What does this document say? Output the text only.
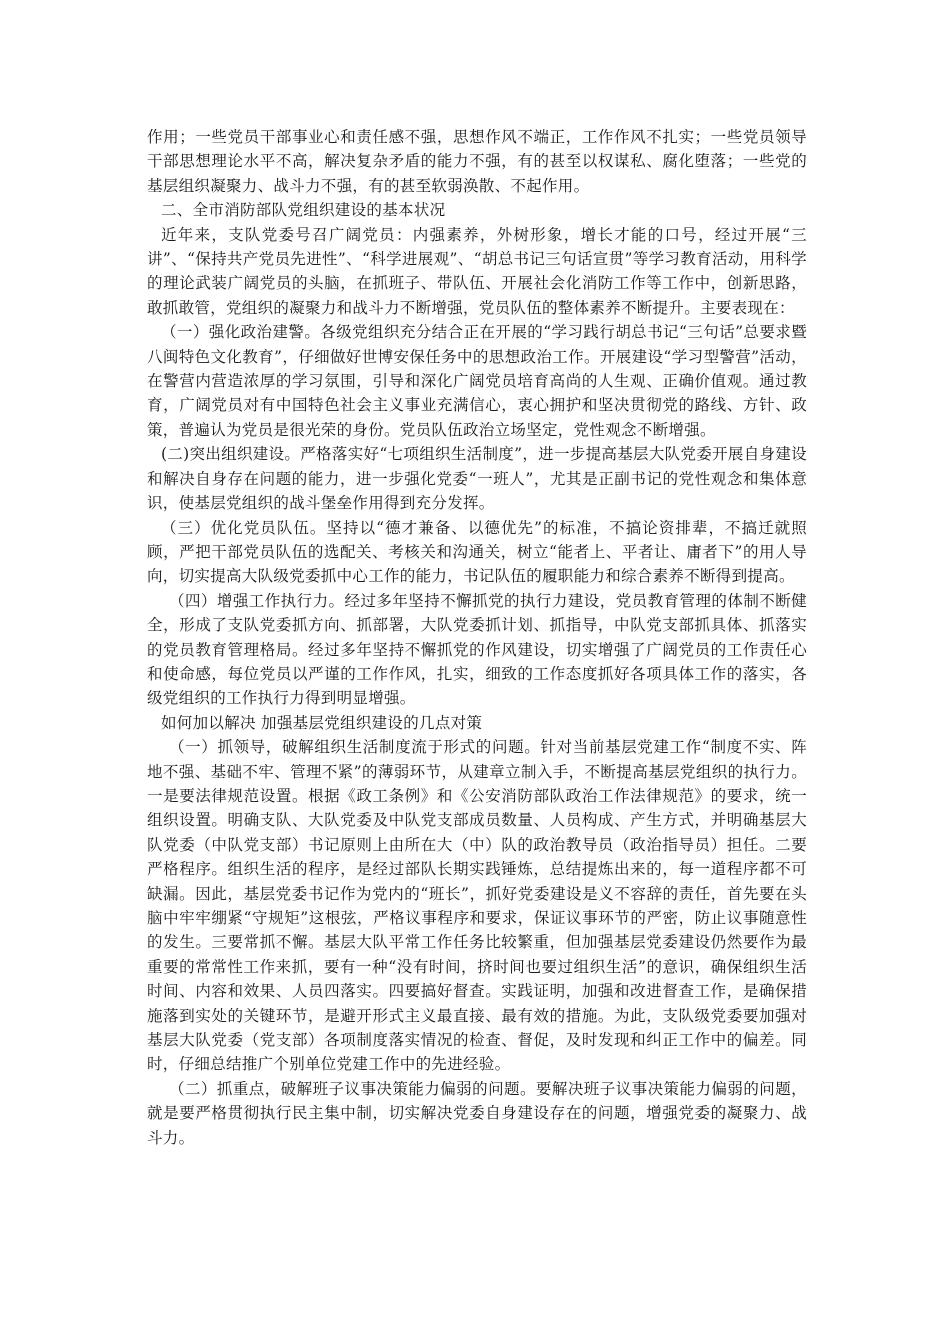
作用；一些党员干部事业心和责任感不强，思想作风不端正，工作作风不扎实；一些党员领导干部思想理论水平不高，解决复杂矛盾的能力不强，有的甚至以权谋私、腐化堕落；一些党的基层组织凝聚力、战斗力不强，有的甚至软弱涣散、不起作用。

二、全市消防部队党组织建设的基本状况

近年来，支队党委号召广阔党员：内强素养，外树形象，增长才能的口号，经过开展“三讲”、“保持共产党员先进性”、“科学进展观”、“胡总书记三句话宣贯”等学习教育活动，用科学的理论武装广阔党员的头脑，在抓班子、带队伍、开展社会化消防工作等工作中，创新思路，敢抓敢管，党组织的凝聚力和战斗力不断增强，党员队伍的整体素养不断提升。主要表现在：

（一）强化政治建警。各级党组织充分结合正在开展的“学习践行胡总书记“三句话”总要求暨八闽特色文化教育”，仔细做好世博安保任务中的思想政治工作。开展建设“学习型警营”活动，在警营内营造浓厚的学习氛围，引导和深化广阔党员培育高尚的人生观、正确价值观。通过教育，广阔党员对有中国特色社会主义事业充满信心，衷心拥护和坚决贯彻党的路线、方针、政策，普遍认为党员是很光荣的身份。党员队伍政治立场坚定，党性观念不断增强。

(二)突出组织建设。严格落实好“七项组织生活制度”，进一步提高基层大队党委开展自身建设和解决自身存在问题的能力，进一步强化党委“一班人”，尤其是正副书记的党性观念和集体意识，使基层党组织的战斗堡垒作用得到充分发挥。

（三）优化党员队伍。坚持以“德才兼备、以德优先”的标准，不搞论资排辈，不搞迁就照顾，严把干部党员队伍的选配关、考核关和沟通关，树立“能者上、平者让、庸者下”的用人导向，切实提高大队级党委抓中心工作的能力，书记队伍的履职能力和综合素养不断得到提高。

（四）增强工作执行力。经过多年坚持不懈抓党的执行力建设，党员教育管理的体制不断健全，形成了支队党委抓方向、抓部署，大队党委抓计划、抓指导，中队党支部抓具体、抓落实的党员教育管理格局。经过多年坚持不懈抓党的作风建设，切实增强了广阔党员的工作责任心和使命感，每位党员以严谨的工作作风，扎实，细致的工作态度抓好各项具体工作的落实，各级党组织的工作执行力得到明显增强。

如何加以解决 加强基层党组织建设的几点对策

（一）抓领导，破解组织生活制度流于形式的问题。针对当前基层党建工作“制度不实、阵地不强、基础不牢、管理不紧”的薄弱环节，从建章立制入手，不断提高基层党组织的执行力。一是要法律规范设置。根据《政工条例》和《公安消防部队政治工作法律规范》的要求，统一组织设置。明确支队、大队党委及中队党支部成员数量、人员构成、产生方式，并明确基层大队党委（中队党支部）书记原则上由所在大（中）队的政治教导员（政治指导员）担任。二要严格程序。组织生活的程序，是经过部队长期实践锤炼，总结提炼出来的，每一道程序都不可缺漏。因此，基层党委书记作为党内的“班长”，抓好党委建设是义不容辞的责任，首先要在头脑中牢牢绷紧“守规矩”这根弦，严格议事程序和要求，保证议事环节的严密，防止议事随意性的发生。三要常抓不懈。基层大队平常工作任务比较繁重，但加强基层党委建设仍然要作为最重要的常常性工作来抓，要有一种“没有时间，挤时间也要过组织生活”的意识，确保组织生活时间、内容和效果、人员四落实。四要搞好督查。实践证明，加强和改进督查工作，是确保措施落到实处的关键环节，是避开形式主义最直接、最有效的措施。为此，支队级党委要加强对基层大队党委（党支部）各项制度落实情况的检查、督促，及时发现和纠正工作中的偏差。同时，仔细总结推广个别单位党建工作中的先进经验。

（二）抓重点，破解班子议事决策能力偏弱的问题。要解决班子议事决策能力偏弱的问题，就是要严格贯彻执行民主集中制，切实解决党委自身建设存在的问题，增强党委的凝聚力、战斗力。
